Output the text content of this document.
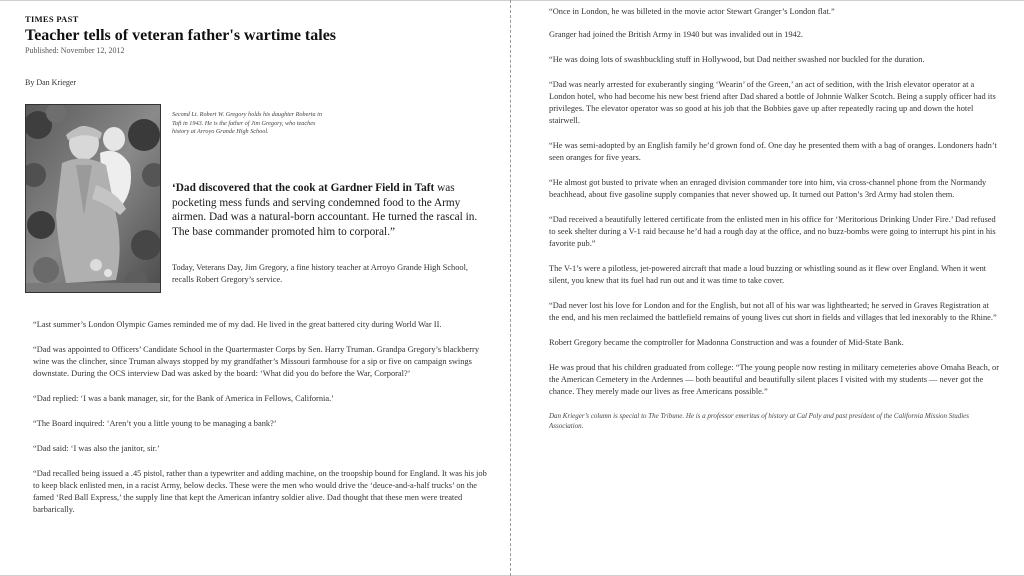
TIMES PAST
Teacher tells of veteran father's wartime tales
Published: November 12, 2012
By Dan Krieger
Second Lt. Robert W. Gregory holds his daughter Roberta in Taft in 1943. He is the father of Jim Gregory, who teaches history at Arroyo Grande High School.
‘Dad discovered that the cook at Gardner Field in Taft was pocketing mess funds and serving condemned food to the Army airmen. Dad was a natural-born accountant. He turned the rascal in. The base commander promoted him to corporal.”
Today, Veterans Day, Jim Gregory, a fine history teacher at Arroyo Grande High School, recalls Robert Gregory’s service.

“Last summer’s London Olympic Games reminded me of my dad. He lived in the great battered city during World War II.

“Dad was appointed to Officers’ Candidate School in the Quartermaster Corps by Sen. Harry Truman. Grandpa Gregory’s blackberry wine was the clincher, since Truman always stopped by my grandfather’s Missouri farmhouse for a sip or five on campaign swings downstate. During the OCS interview Dad was asked by the board: ‘What did you do before the War, Corporal?’

“Dad replied: ‘I was a bank manager, sir, for the Bank of America in Fellows, California.’

“The Board inquired: ‘Aren’t you a little young to be managing a bank?’

“Dad said: ‘I was also the janitor, sir.’

“Dad recalled being issued a .45 pistol, rather than a typewriter and adding machine, on the troopship bound for England. It was his job to keep black enlisted men, in a racist Army, below decks. These were the men who would drive the ‘deuce-and-a-half trucks’ on the famed ‘Red Ball Express,’ the supply line that kept the American infantry soldier alive. Dad thought that these men were treated barbarically.

“Once in London, he was billeted in the movie actor Stewart Granger’s London flat.”

Granger had joined the British Army in 1940 but was invalided out in 1942.

“He was doing lots of swashbuckling stuff in Hollywood, but Dad neither swashed nor buckled for the duration.

“Dad was nearly arrested for exuberantly singing ‘Wearin’ of the Green,’ an act of sedition, with the Irish elevator operator at a London hotel, who had become his new best friend after Dad shared a bottle of Johnnie Walker Scotch. Being a supply officer had its privileges. The elevator operator was so good at his job that the Bobbies gave up after repeatedly racing up and down the hotel stairwell.

“He was semi-adopted by an English family he’d grown fond of. One day he presented them with a bag of oranges. Londoners hadn’t seen oranges for five years.

“He almost got busted to private when an enraged division commander tore into him, via cross-channel phone from the Normandy beachhead, about five gasoline supply companies that never showed up. It turned out Patton’s 3rd Army had stolen them.

“Dad received a beautifully lettered certificate from the enlisted men in his office for ‘Meritorious Drinking Under Fire.’ Dad refused to seek shelter during a V-1 raid because he’d had a rough day at the office, and no buzz-bombs were going to interrupt his pint in his favorite pub.”

The V-1’s were a pilotless, jet-powered aircraft that made a loud buzzing or whistling sound as it flew over England. When it went silent, you knew that its fuel had run out and it was time to take cover.

“Dad never lost his love for London and for the English, but not all of his war was lighthearted; he served in Graves Registration at the end, and his men reclaimed the battlefield remains of young lives cut short in fields and villages that led inexorably to the Rhine.”

Robert Gregory became the comptroller for Madonna Construction and was a founder of Mid-State Bank.

He was proud that his children graduated from college: “The young people now resting in military cemeteries above Omaha Beach, or the American Cemetery in the Ardennes — both beautiful and beautifully silent places I visited with my students — never got the chance. They merely made our lives as free Americans possible.”

Dan Krieger’s column is special to The Tribune. He is a professor emeritus of history at Cal Poly and past president of the California Mission Studies Association.
